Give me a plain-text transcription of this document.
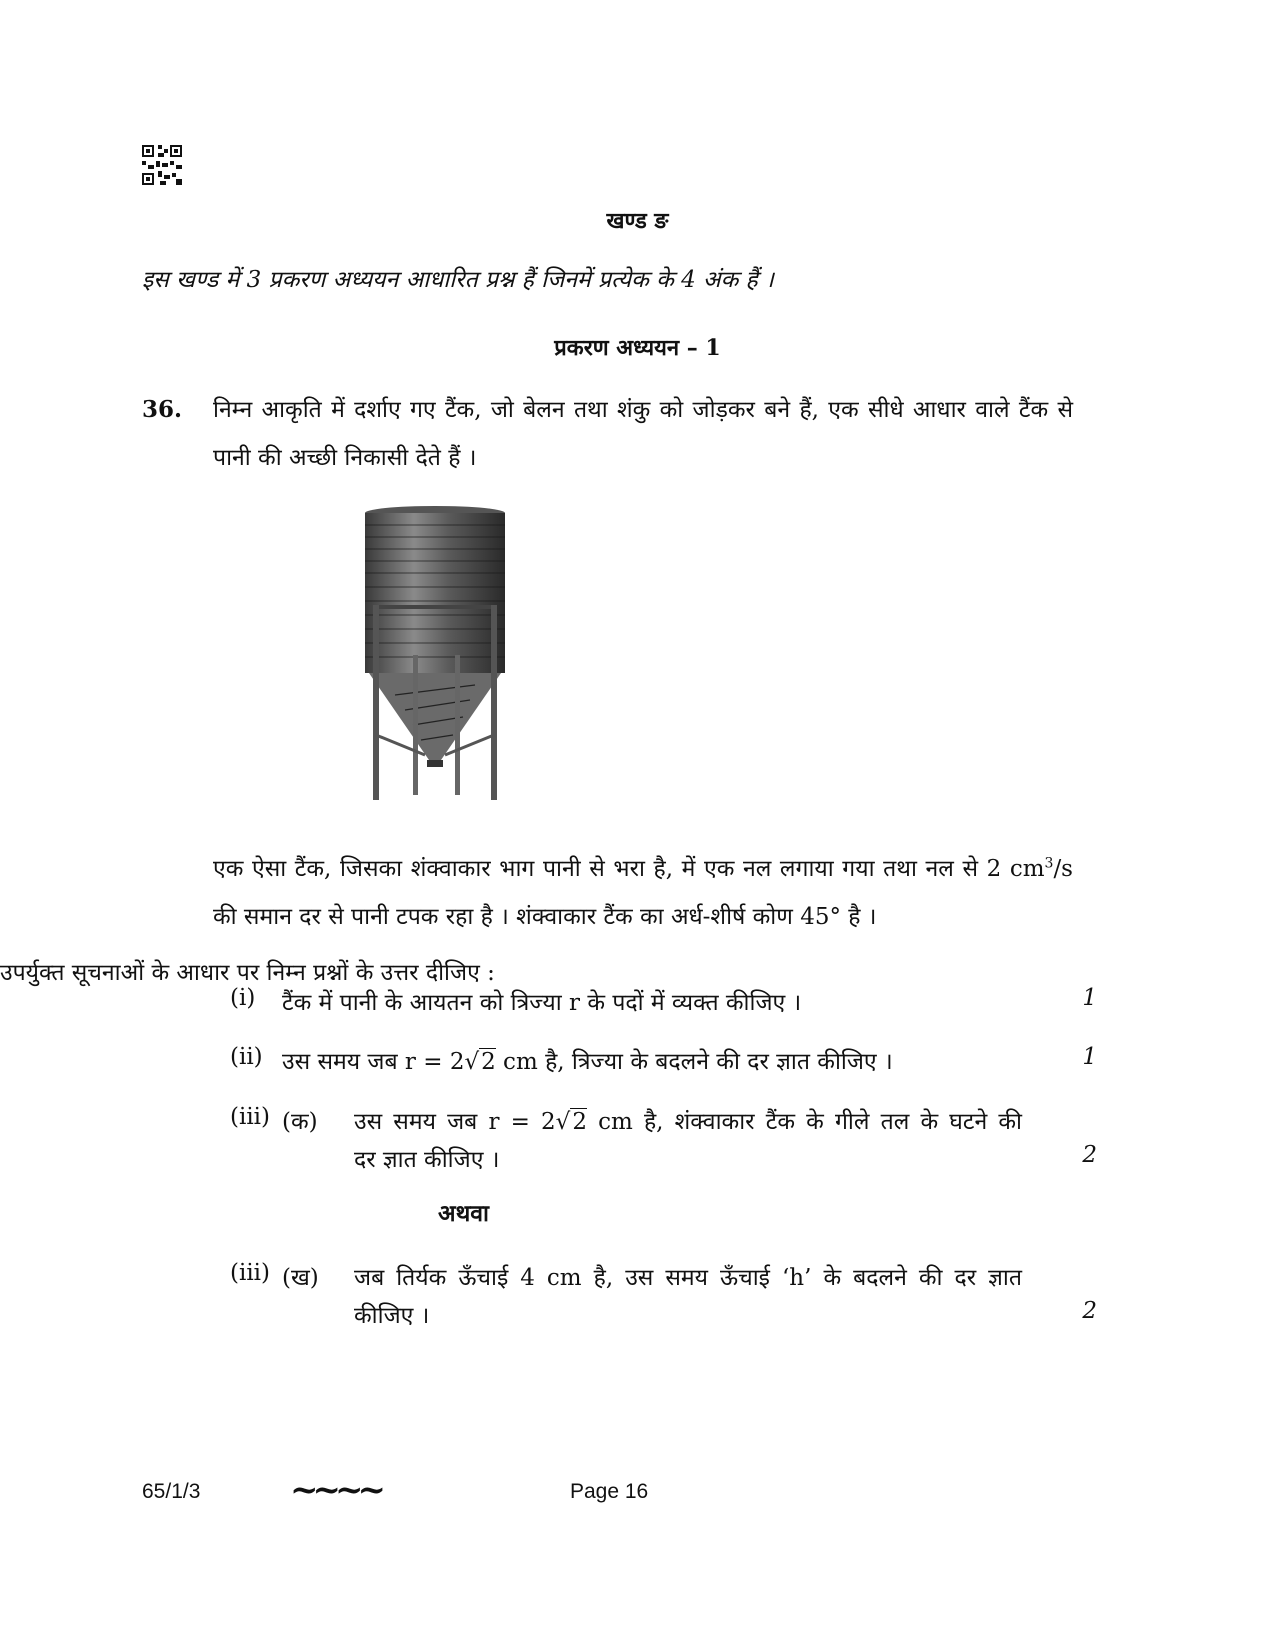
खण्ड ङ
इस खण्ड में 3 प्रकरण अध्ययन आधारित प्रश्न हैं जिनमें प्रत्येक के 4 अंक हैं ।
प्रकरण अध्ययन – 1
36. निम्न आकृति में दर्शाए गए टैंक, जो बेलन तथा शंकु को जोड़कर बने हैं, एक सीधे आधार वाले टैंक से पानी की अच्छी निकासी देते हैं ।
एक ऐसा टैंक, जिसका शंक्वाकार भाग पानी से भरा है, में एक नल लगाया गया तथा नल से 2 $cm^3/s$ की समान दर से पानी टपक रहा है । शंक्वाकार टैंक का अर्ध-शीर्ष कोण 45° है ।
उपर्युक्त सूचनाओं के आधार पर निम्न प्रश्नों के उत्तर दीजिए :
(i) टैंक में पानी के आयतन को त्रिज्या r के पदों में व्यक्त कीजिए ।	1
(ii) उस समय जब r = 2√2 cm है, त्रिज्या के बदलने की दर ज्ञात कीजिए ।	1
(iii) (क) उस समय जब r = 2√2 cm है, शंक्वाकार टैंक के गीले तल के घटने की
दर ज्ञात कीजिए ।	2
अथवा
(iii) (ख) जब तिर्यक ऊँचाई 4 cm है, उस समय ऊँचाई ‘h’ के बदलने की दर ज्ञात
कीजिए ।	2
65/1/3	~~~~	Page 16
